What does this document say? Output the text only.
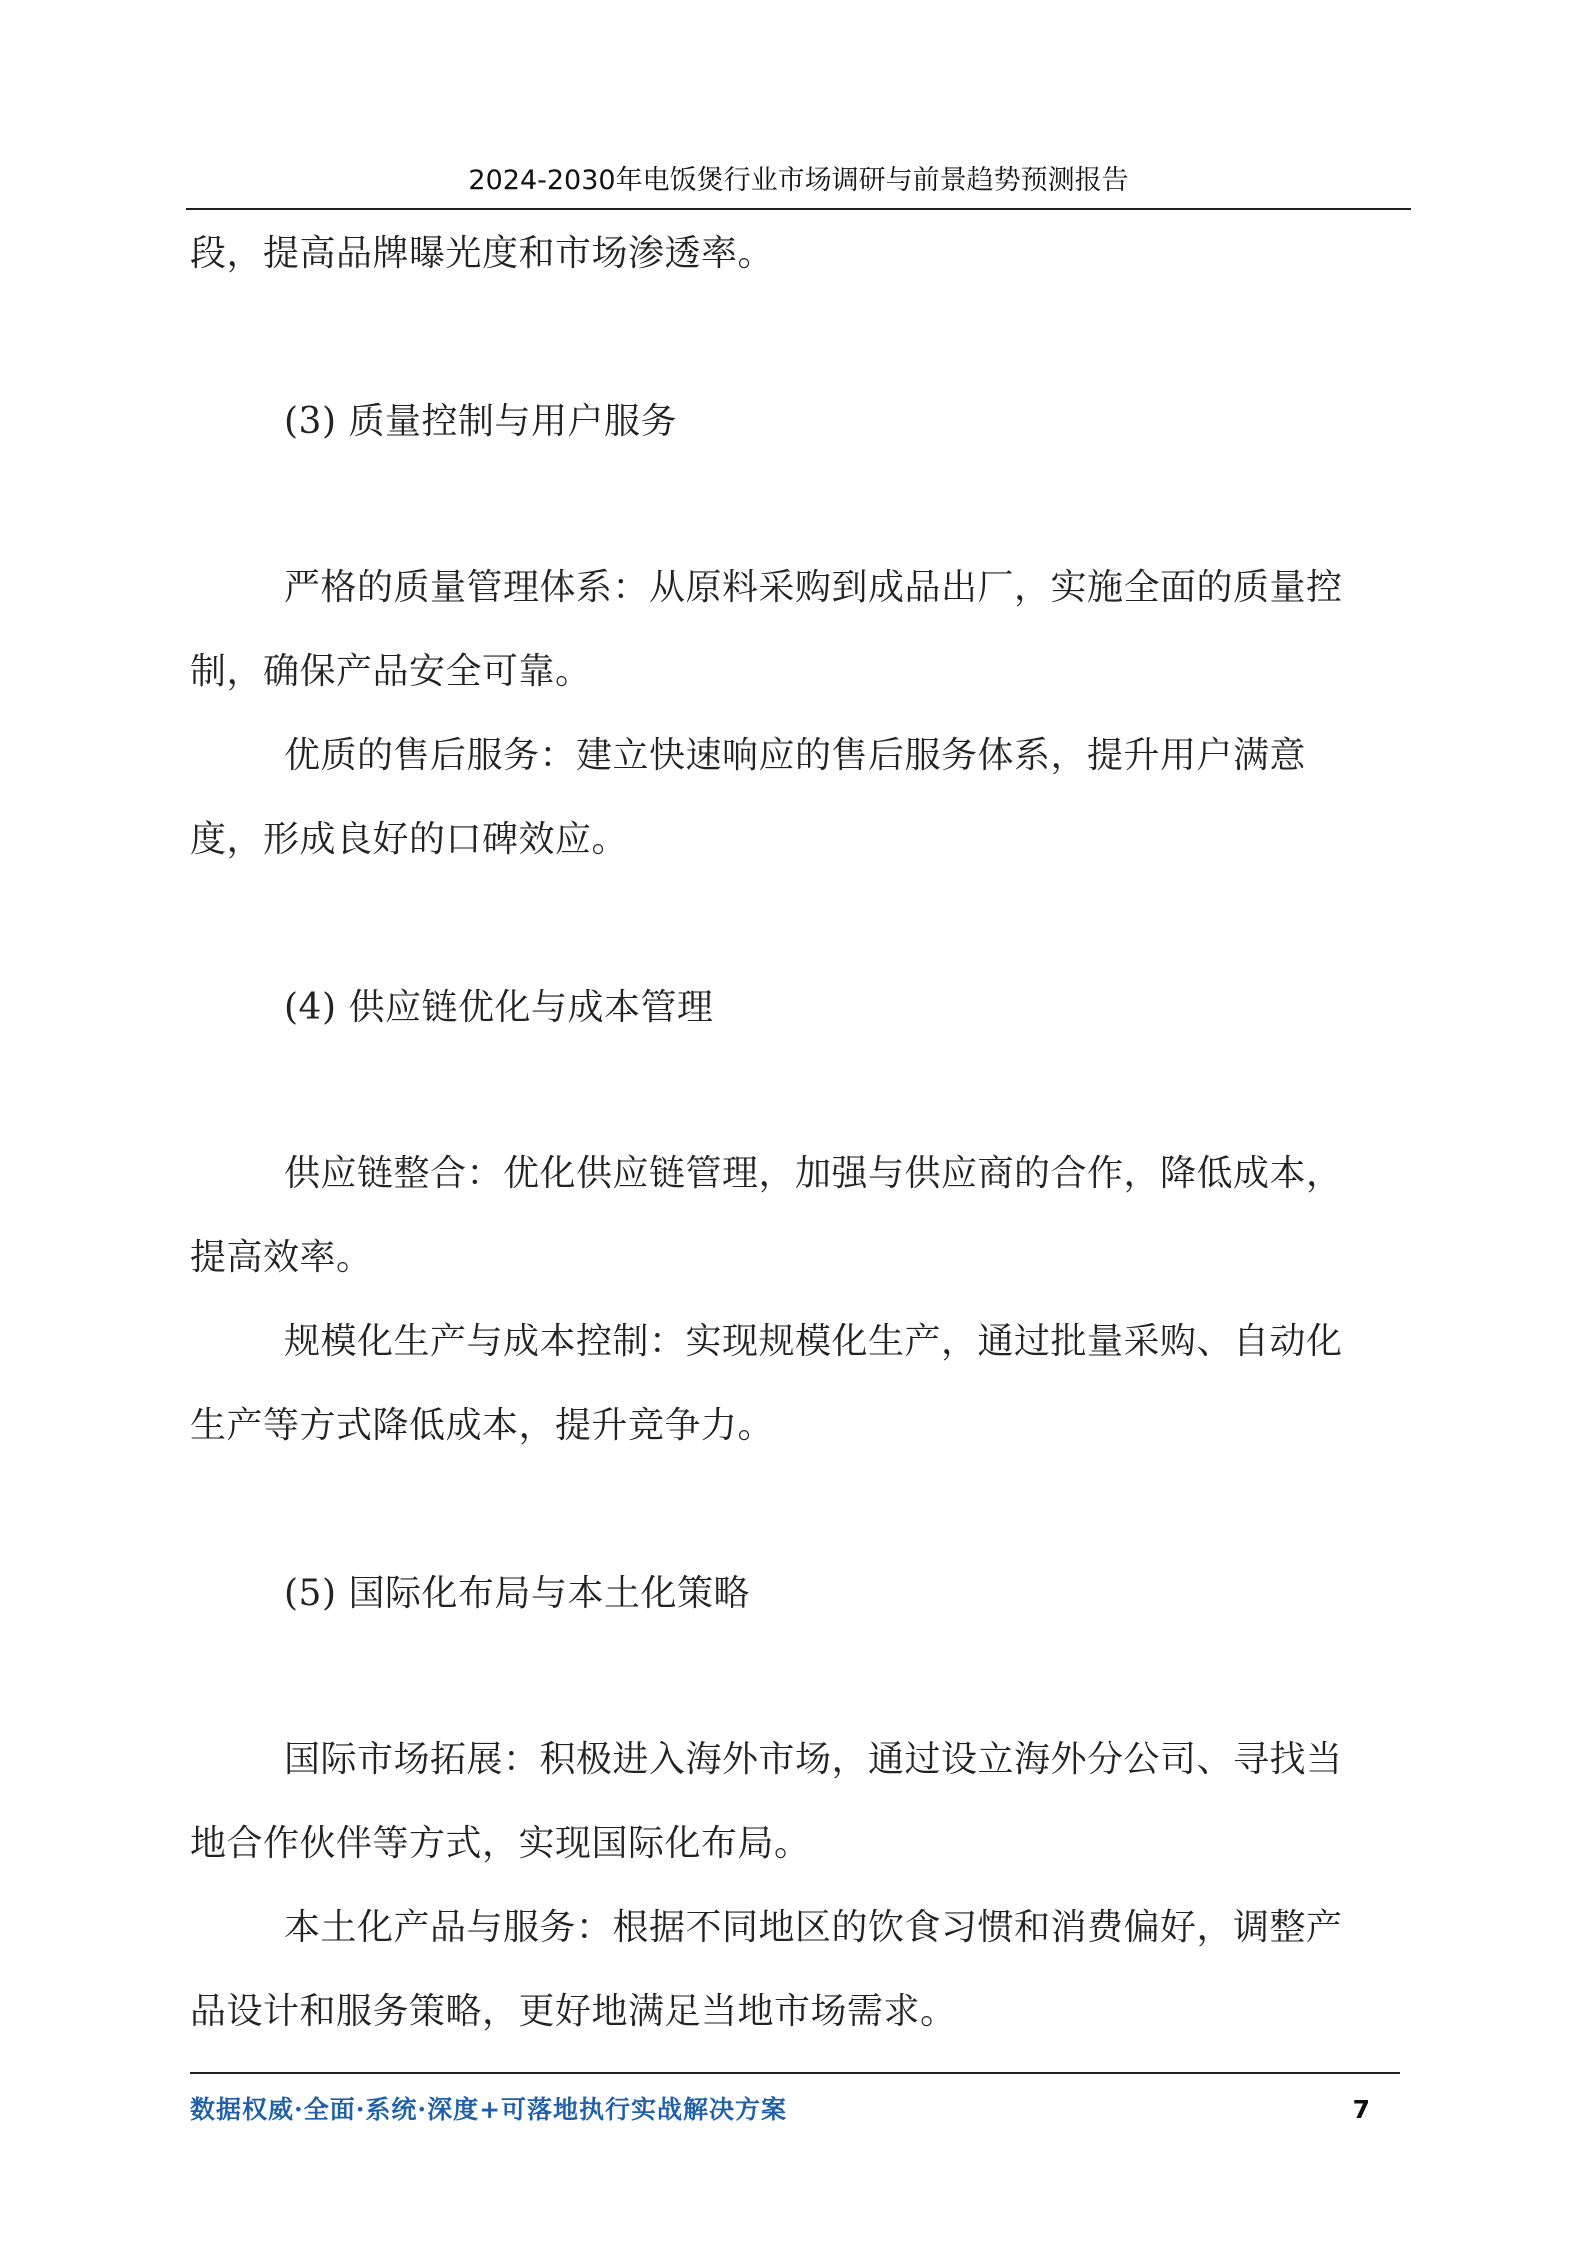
2024-2030年电饭煲行业市场调研与前景趋势预测报告
段，提高品牌曝光度和市场渗透率。
(3) 质量控制与用户服务
严格的质量管理体系：从原料采购到成品出厂，实施全面的质量控
制，确保产品安全可靠。
优质的售后服务：建立快速响应的售后服务体系，提升用户满意
度，形成良好的口碑效应。
(4) 供应链优化与成本管理
供应链整合：优化供应链管理，加强与供应商的合作，降低成本，
提高效率。
规模化生产与成本控制：实现规模化生产，通过批量采购、自动化
生产等方式降低成本，提升竞争力。
(5) 国际化布局与本土化策略
国际市场拓展：积极进入海外市场，通过设立海外分公司、寻找当
地合作伙伴等方式，实现国际化布局。
本土化产品与服务：根据不同地区的饮食习惯和消费偏好，调整产
品设计和服务策略，更好地满足当地市场需求。
数据权威·全面·系统·深度+可落地执行实战解决方案	7
